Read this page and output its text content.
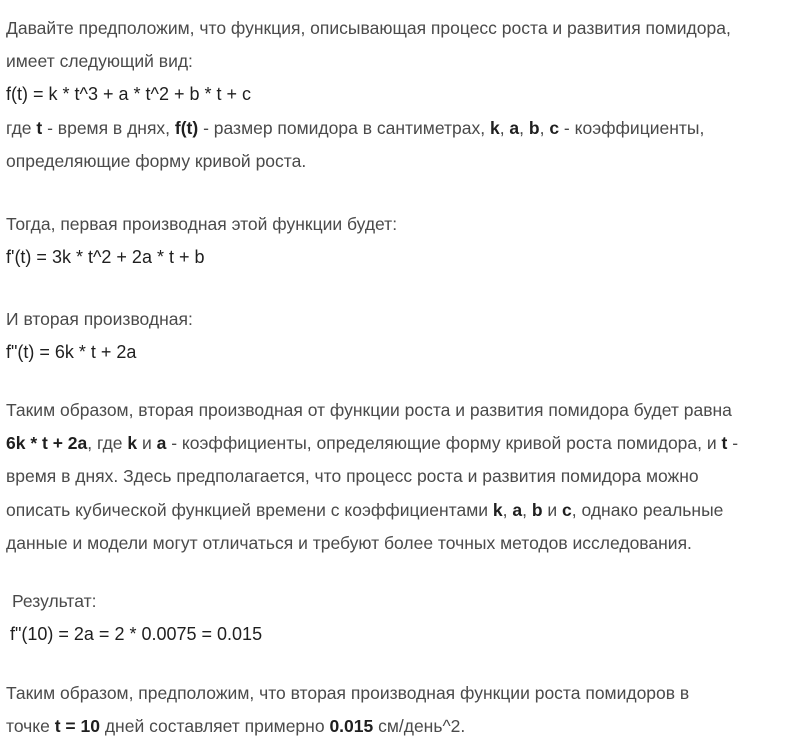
Давайте предположим, что функция, описывающая процесс роста и развития помидора,
имеет следующий вид:
f(t) = k * t^3 + a * t^2 + b * t + c
где t - время в днях, f(t) - размер помидора в сантиметрах, k, a, b, c - коэффициенты,
определяющие форму кривой роста.
Тогда, первая производная этой функции будет:
f'(t) = 3k * t^2 + 2a * t + b
И вторая производная:
f"(t) = 6k * t + 2a
Таким образом, вторая производная от функции роста и развития помидора будет равна
6k * t + 2a, где k и a - коэффициенты, определяющие форму кривой роста помидора, и t -
время в днях. Здесь предполагается, что процесс роста и развития помидора можно
описать кубической функцией времени с коэффициентами k, a, b и c, однако реальные
данные и модели могут отличаться и требуют более точных методов исследования.
Результат:
f"(10) = 2a = 2 * 0.0075 = 0.015
Таким образом, предположим, что вторая производная функции роста помидоров в
точке t = 10 дней составляет примерно 0.015 см/день^2.
